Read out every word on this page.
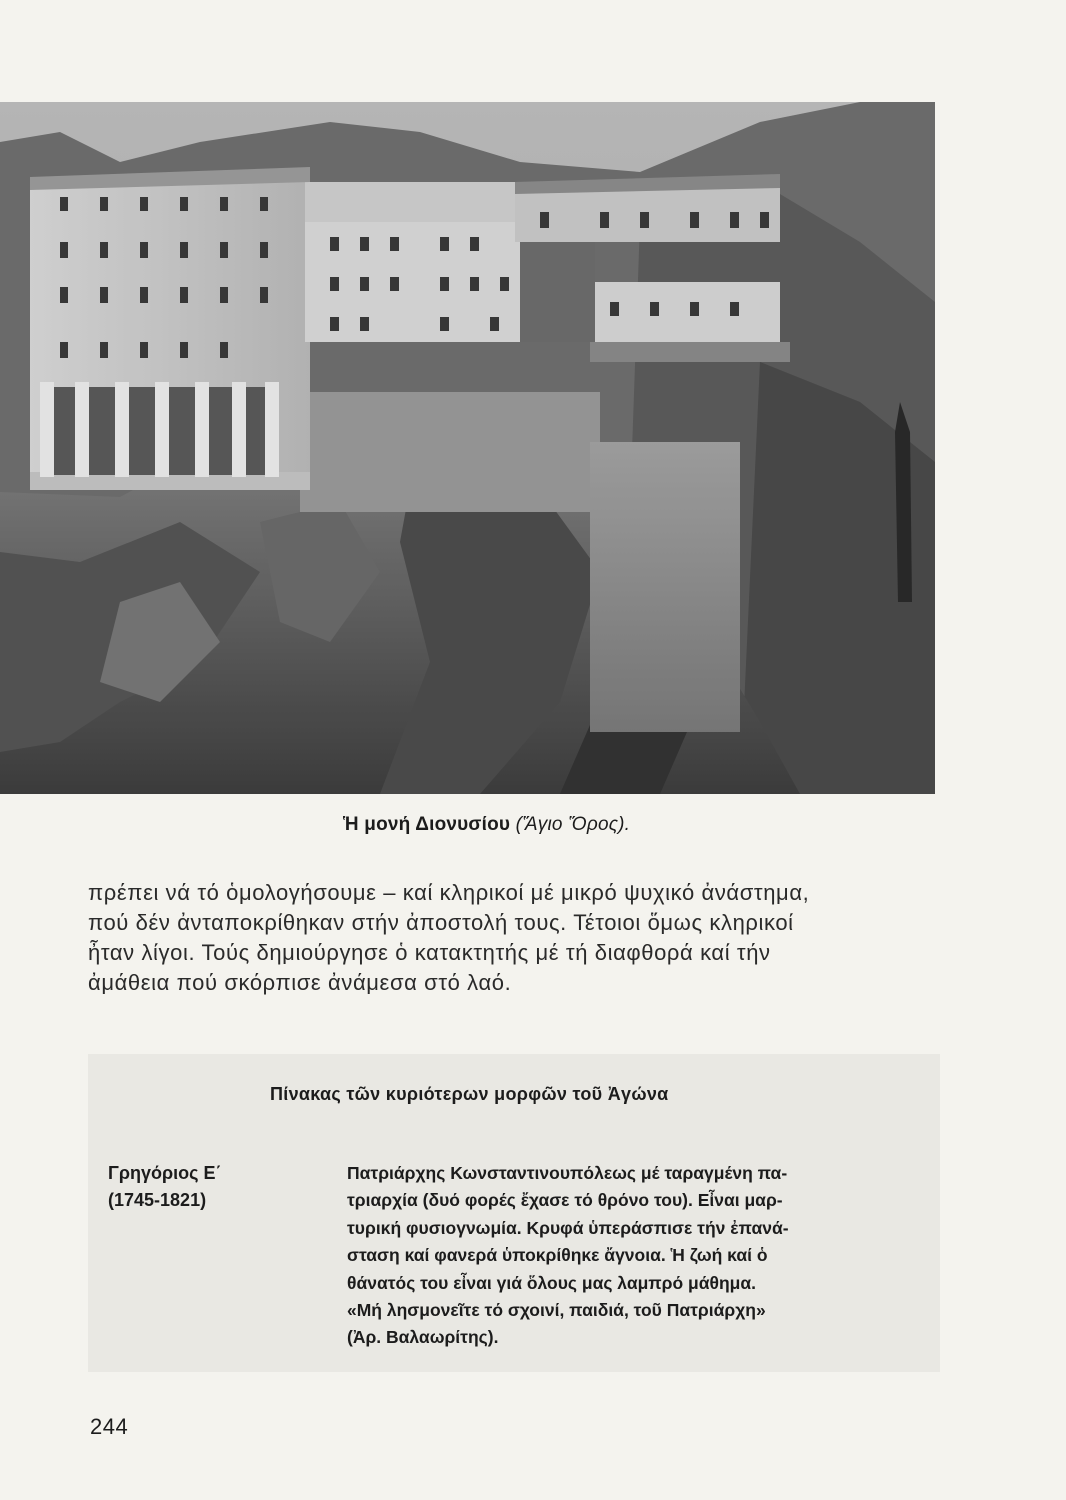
Ἡ μονή Διονυσίου (Ἅγιο Ὅρος).
πρέπει νά τό ὁμολογήσουμε – καί κληρικοί μέ μικρό ψυχικό ἀνάστημα,
πού δέν ἀνταποκρίθηκαν στήν ἀποστολή τους. Τέτοιοι ὅμως κληρικοί
ἦταν λίγοι. Τούς δημιούργησε ὁ κατακτητής μέ τή διαφθορά καί τήν
ἀμάθεια πού σκόρπισε ἀνάμεσα στό λαό.
Πίνακας τῶν κυριότερων μορφῶν τοῦ Ἀγώνα
Γρηγόριος Ε΄
(1745-1821)
Πατριάρχης Κωνσταντινουπόλεως μέ ταραγμένη πα-
τριαρχία (δυό φορές ἔχασε τό θρόνο του). Εἶναι μαρ-
τυρική φυσιογνωμία. Κρυφά ὑπεράσπισε τήν ἐπανά-
σταση καί φανερά ὑποκρίθηκε ἄγνοια. Ἡ ζωή καί ὁ
θάνατός του εἶναι γιά ὅλους μας λαμπρό μάθημα.
«Μή λησμονεῖτε τό σχοινί, παιδιά, τοῦ Πατριάρχη»
(Ἀρ. Βαλαωρίτης).
244
